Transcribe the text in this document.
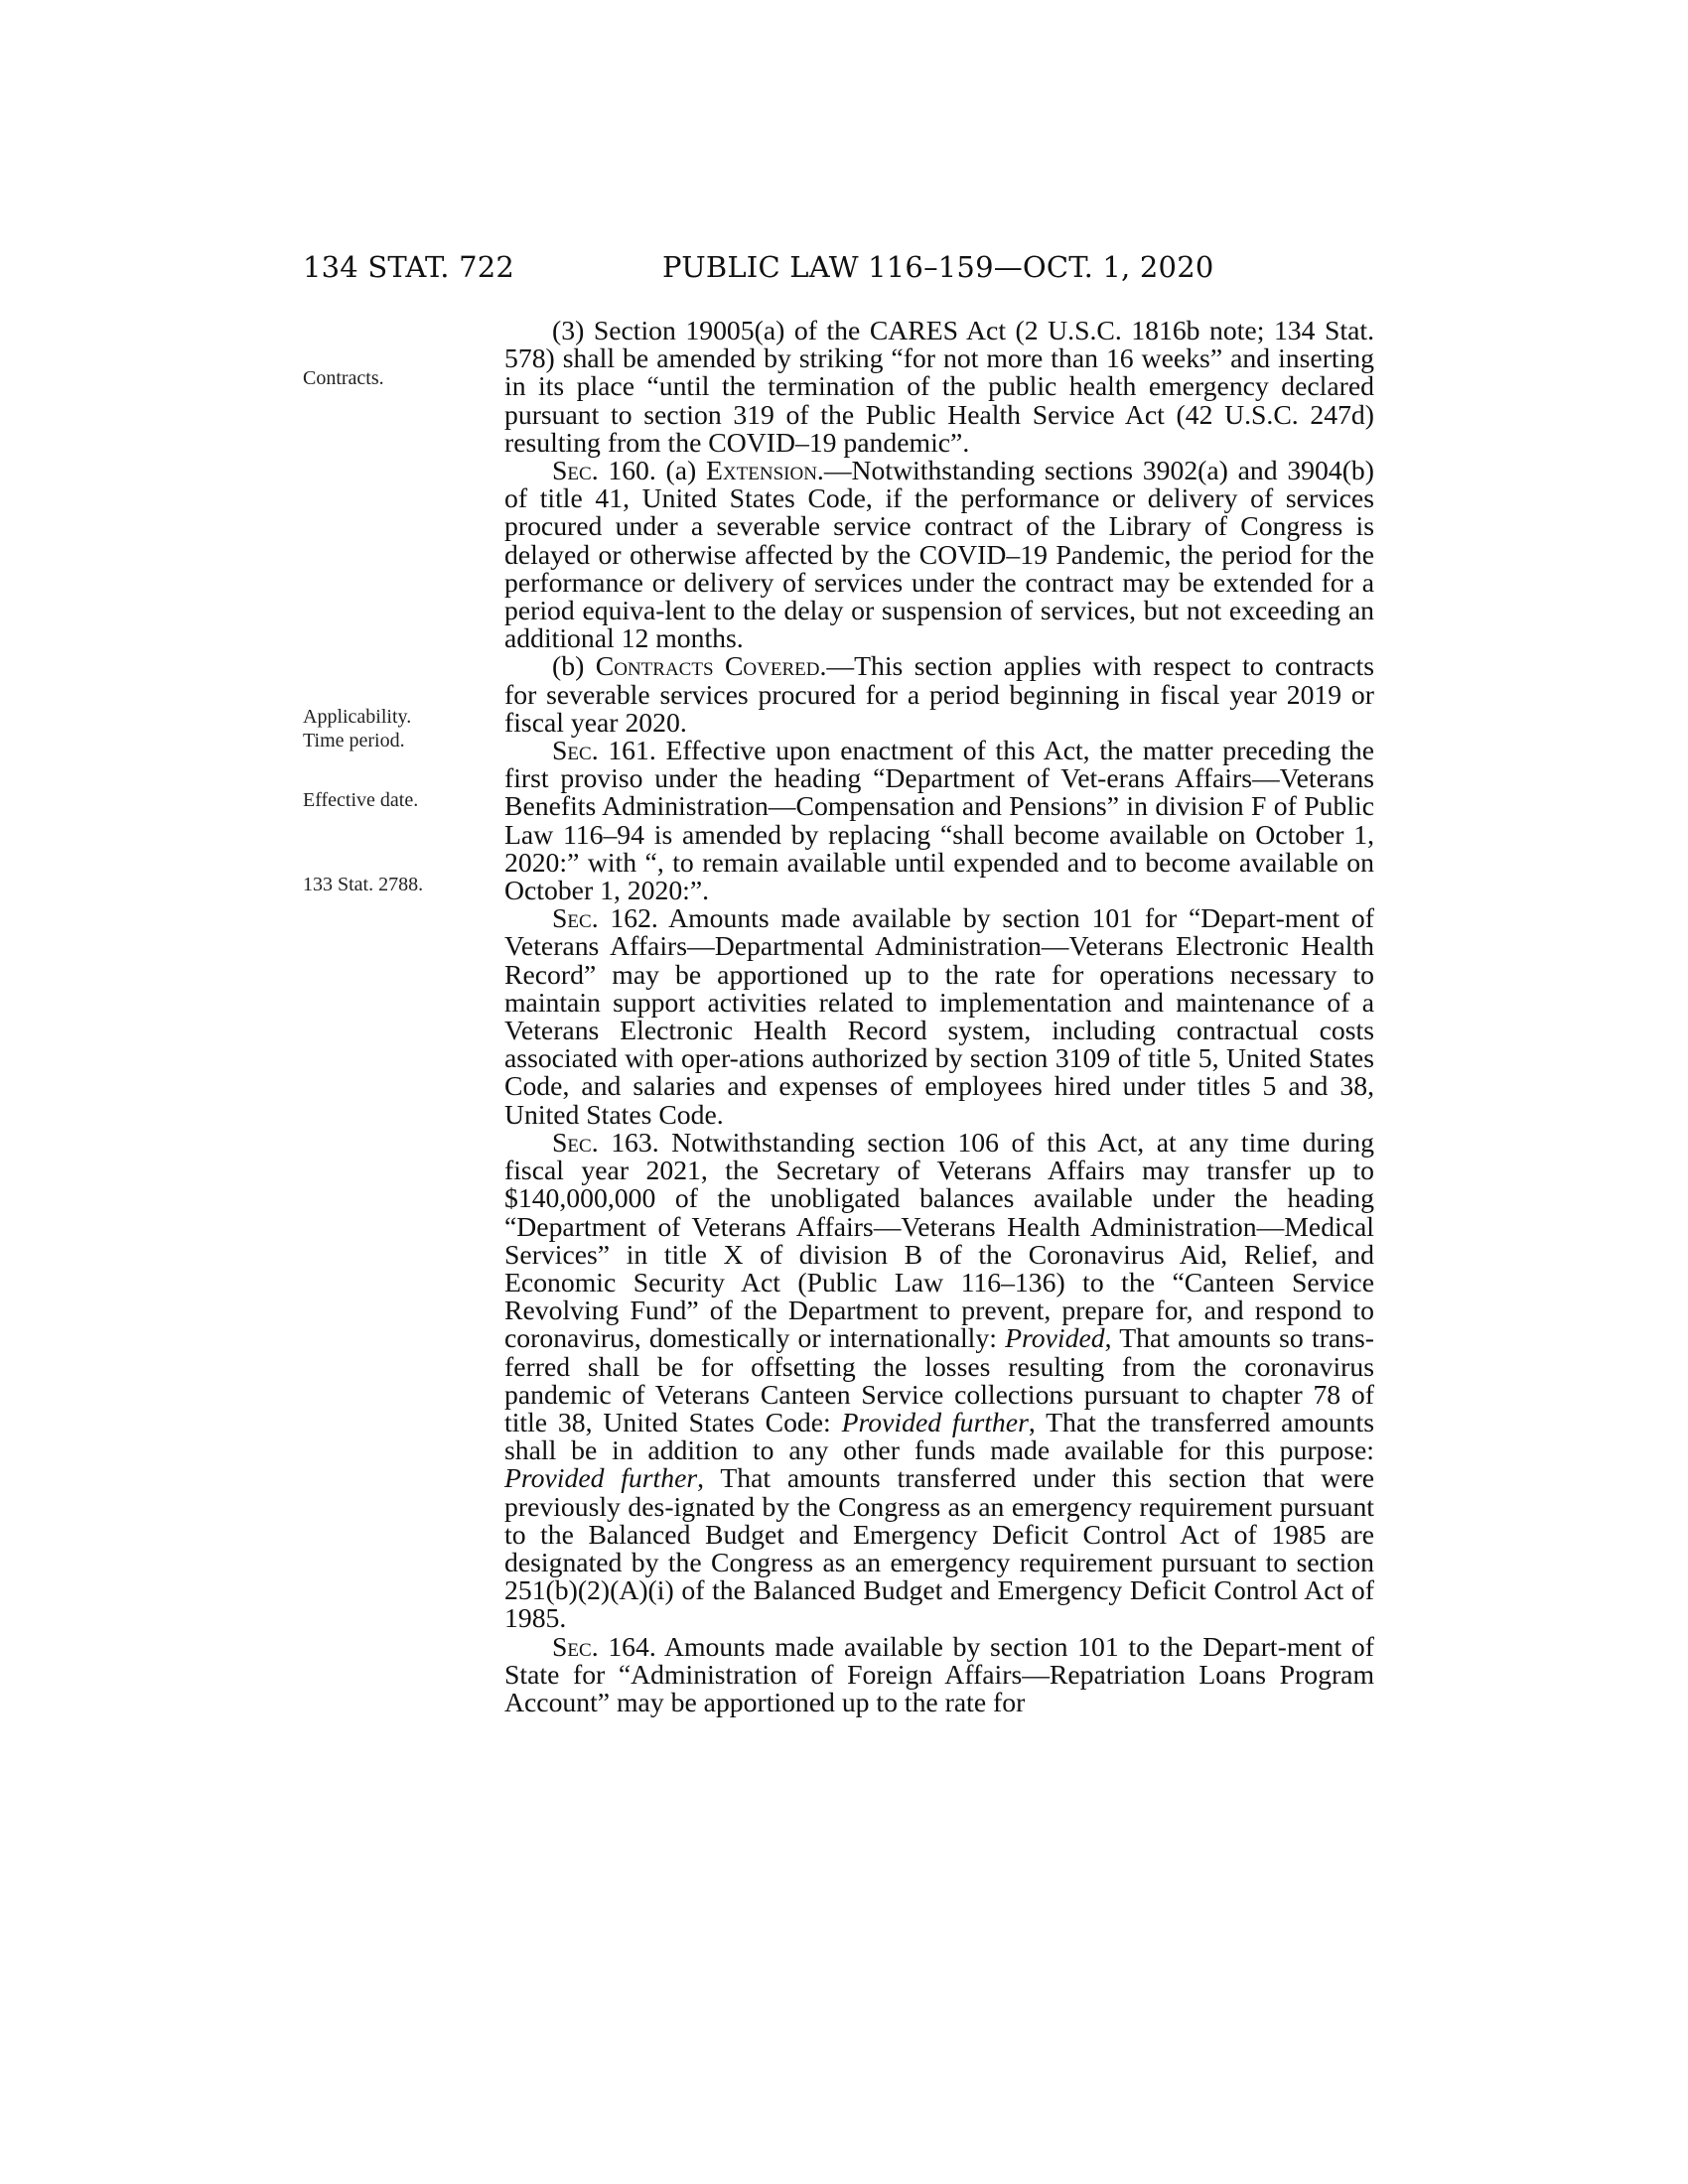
134 STAT. 722	PUBLIC LAW 116–159—OCT. 1, 2020
Contracts.
Applicability.
Time period.
Effective date.
133 Stat. 2788.

(3) Section 19005(a) of the CARES Act (2 U.S.C. 1816b note; 134 Stat. 578) shall be amended by striking “for not more than 16 weeks” and inserting in its place “until the termination of the public health emergency declared pursuant to section 319 of the Public Health Service Act (42 U.S.C. 247d) resulting from the COVID–19 pandemic”.

Sec. 160. (a) Extension.—Notwithstanding sections 3902(a) and 3904(b) of title 41, United States Code, if the performance or delivery of services procured under a severable service contract of the Library of Congress is delayed or otherwise affected by the COVID–19 Pandemic, the period for the performance or delivery of services under the contract may be extended for a period equiva-lent to the delay or suspension of services, but not exceeding an additional 12 months.

(b) Contracts Covered.—This section applies with respect to contracts for severable services procured for a period beginning in fiscal year 2019 or fiscal year 2020.

Sec. 161. Effective upon enactment of this Act, the matter preceding the first proviso under the heading “Department of Vet-erans Affairs—Veterans Benefits Administration—Compensation and Pensions” in division F of Public Law 116–94 is amended by replacing “shall become available on October 1, 2020:” with “, to remain available until expended and to become available on October 1, 2020:”.

Sec. 162. Amounts made available by section 101 for “Depart-ment of Veterans Affairs—Departmental Administration—Veterans Electronic Health Record” may be apportioned up to the rate for operations necessary to maintain support activities related to implementation and maintenance of a Veterans Electronic Health Record system, including contractual costs associated with oper-ations authorized by section 3109 of title 5, United States Code, and salaries and expenses of employees hired under titles 5 and 38, United States Code.

Sec. 163. Notwithstanding section 106 of this Act, at any time during fiscal year 2021, the Secretary of Veterans Affairs may transfer up to $140,000,000 of the unobligated balances available under the heading “Department of Veterans Affairs—Veterans Health Administration—Medical Services” in title X of division B of the Coronavirus Aid, Relief, and Economic Security Act (Public Law 116–136) to the “Canteen Service Revolving Fund” of the Department to prevent, prepare for, and respond to coronavirus, domestically or internationally: Provided, That amounts so trans-ferred shall be for offsetting the losses resulting from the coronavirus pandemic of Veterans Canteen Service collections pursuant to chapter 78 of title 38, United States Code: Provided further, That the transferred amounts shall be in addition to any other funds made available for this purpose: Provided further, That amounts transferred under this section that were previously des-ignated by the Congress as an emergency requirement pursuant to the Balanced Budget and Emergency Deficit Control Act of 1985 are designated by the Congress as an emergency requirement pursuant to section 251(b)(2)(A)(i) of the Balanced Budget and Emergency Deficit Control Act of 1985.

Sec. 164. Amounts made available by section 101 to the Depart-ment of State for “Administration of Foreign Affairs—Repatriation Loans Program Account” may be apportioned up to the rate for
